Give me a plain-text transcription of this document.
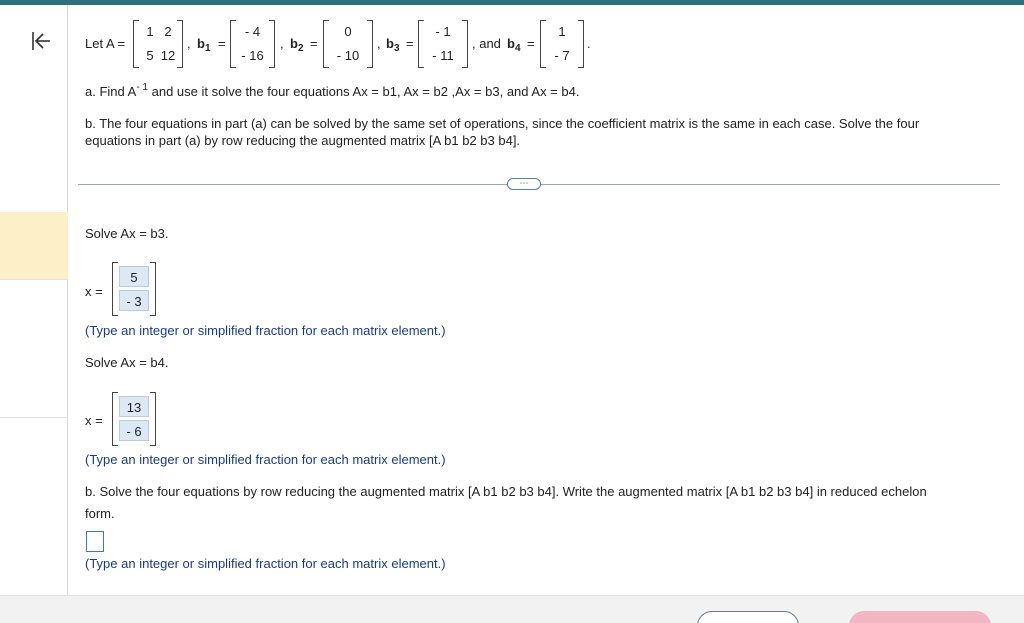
Let A =
1 2
5 12
, $b_1$ =
- 4
- 16
, $b_2$ =
0
- 10
, $b_3$ =
- 1
- 11
, and $b_4$ =
1
- 7
.
a. Find $A^{- 1}$ and use it solve the four equations Ax = b1, Ax = b2 ,Ax = b3, and Ax = b4.
b. The four equations in part (a) can be solved by the same set of operations, since the coefficient matrix is the same in each case. Solve the four
equations in part (a) by row reducing the augmented matrix [A b1 b2 b3 b4].
⋯
Solve Ax = b3.
x =
5
- 3
(Type an integer or simplified fraction for each matrix element.)
Solve Ax = b4.
x =
13
- 6
(Type an integer or simplified fraction for each matrix element.)
b. Solve the four equations by row reducing the augmented matrix [A b1 b2 b3 b4]. Write the augmented matrix [A b1 b2 b3 b4] in reduced echelon
form.
(Type an integer or simplified fraction for each matrix element.)
